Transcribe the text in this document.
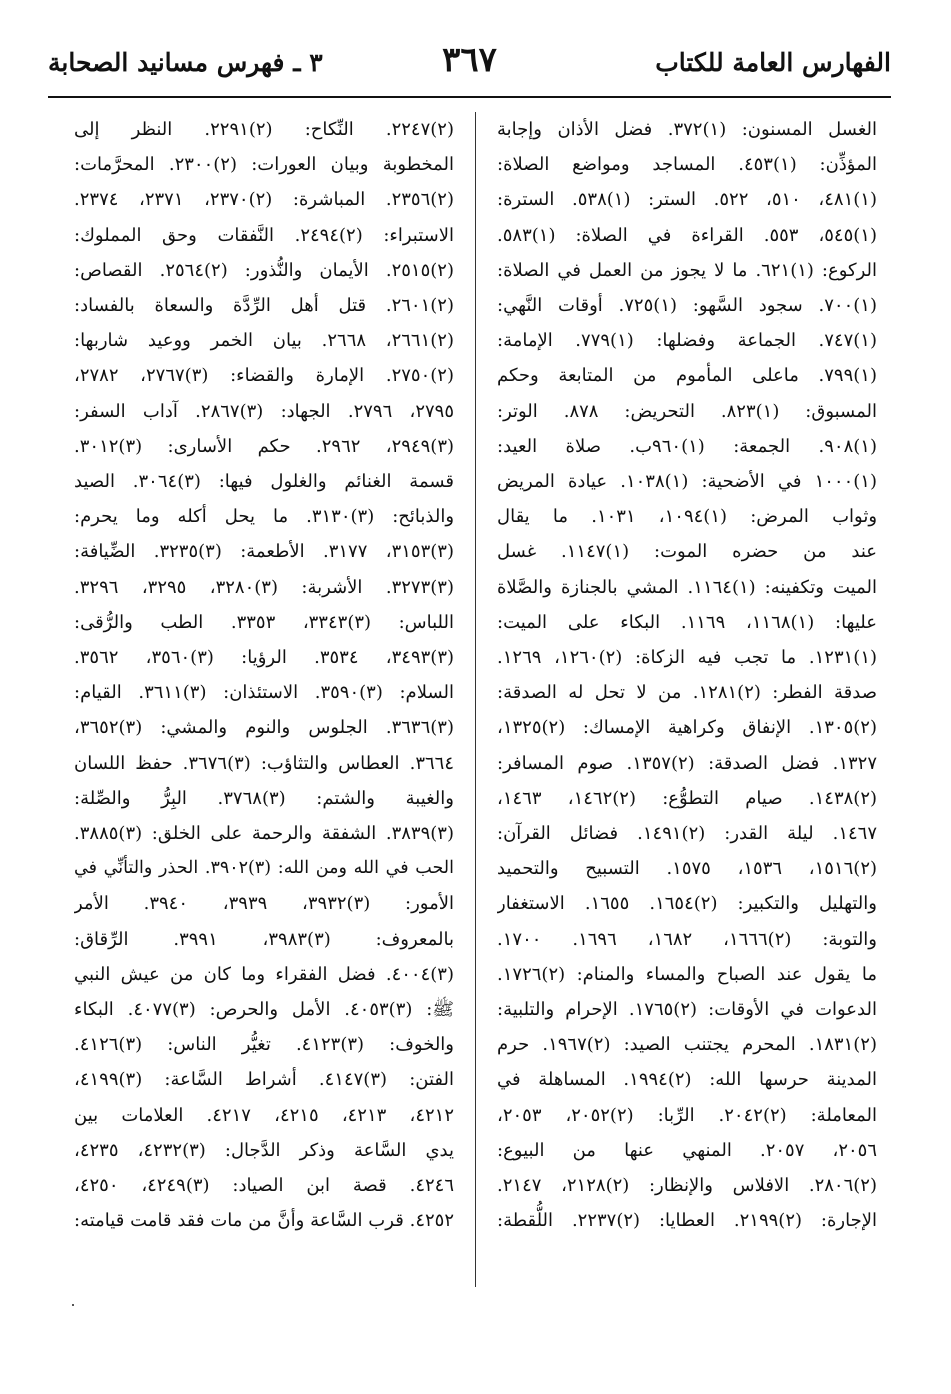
الفهارس العامة للكتاب
٣٦٧
٣ ـ فهرس مسانيد الصحابة
الغسل المسنون: (١)٣٧٢. فضل الأذان وإجابة
المؤذِّن: (١)٤٥٣. المساجد ومواضع الصلاة:
(١)٤٨١، ٥١٠، ٥٢٢. الستر: (١)٥٣٨. السترة:
(١)٥٤٥، ٥٥٣. القراءة في الصلاة: (١)٥٨٣.
الركوع: (١)٦٢١. ما لا يجوز من العمل في الصلاة:
(١)٧٠٠. سجود السَّهو: (١)٧٢٥. أوقات النَّهي:
(١)٧٤٧. الجماعة وفضلها: (١)٧٧٩. الإمامة:
(١)٧٩٩. ماعلى المأموم من المتابعة وحكم
المسبوق: (١)٨٢٣. التحريض: ٨٧٨. الوتر:
(١)٩٠٨. الجمعة: (١)٩٦٠ب. صلاة العيد:
(١)١٠٠٠ في الأضحية: (١)١٠٣٨. عيادة المريض
وثواب المرض: (١)١٠٩٤، ١٠٣١. ما يقال
عند من حضره الموت: (١)١١٤٧. غسل
الميت وتكفينه: (١)١١٦٤. المشي بالجنازة والصَّلاة
عليها: (١)١١٦٨، ١١٦٩. البكاء على الميت:
(١)١٢٣١. ما تجب فيه الزكاة: (٢)١٢٦٠، ١٢٦٩.
صدقة الفطر: (٢)١٢٨١. من لا تحل له الصدقة:
(٢)١٣٠٥. الإنفاق وكراهية الإمساك: (٢)١٣٢٥،
١٣٢٧. فضل الصدقة: (٢)١٣٥٧. صوم المسافر:
(٢)١٤٣٨. صيام التطوُّع: (٢)١٤٦٢، ١٤٦٣،
١٤٦٧. ليلة القدر: (٢)١٤٩١. فضائل القرآن:
(٢)١٥١٦، ١٥٣٦، ١٥٧٥. التسبيح والتحميد
والتهليل والتكبير: (٢)١٦٥٤. ١٦٥٥. الاستغفار
والتوبة: (٢)١٦٦٦، ١٦٨٢، ١٦٩٦. ١٧٠٠.
ما يقول عند الصباح والمساء والمنام: (٢)١٧٢٦.
الدعوات في الأوقات: (٢)١٧٦٥. الإحرام والتلبية:
(٢)١٨٣١. المحرم يجتنب الصيد: (٢)١٩٦٧. حرم
المدينة حرسها الله: (٢)١٩٩٤. المساهلة في
المعاملة: (٢)٢٠٤٢. الرِّبا: (٢)٢٠٥٢، ٢٠٥٣،
٢٠٥٦، ٢٠٥٧. المنهي عنها من البيوع:
(٢)٢٨٠٦. الافلاس والإنظار: (٢)٢١٢٨، ٢١٤٧.
الإجارة: (٢)٢١٩٩. العطايا: (٢)٢٢٣٧. اللُّقطة:
(٢)٢٢٤٧. النِّكاح: (٢)٢٢٩١. النظر إلى
المخطوبة وبيان العورات: (٢)٢٣٠٠. المحرَّمات:
(٢)٢٣٥٦. المباشرة: (٢)٢٣٧٠، ٢٣٧١، ٢٣٧٤.
الاستبراء: (٢)٢٤٩٤. النَّفقات وحق المملوك:
(٢)٢٥١٥. الأيمان والنُّذور: (٢)٢٥٦٤. القصاص:
(٢)٢٦٠١. قتل أهل الرِّدَّة والسعاة بالفساد:
(٢)٢٦٦١، ٢٦٦٨. بيان الخمر ووعيد شاربها:
(٢)٢٧٥٠. الإمارة والقضاء: (٣)٢٧٦٧، ٢٧٨٢،
٢٧٩٥، ٢٧٩٦. الجهاد: (٣)٢٨٦٧. آداب السفر:
(٣)٢٩٤٩، ٢٩٦٢. حكم الأسارى: (٣)٣٠١٢.
قسمة الغنائم والغلول فيها: (٣)٣٠٦٤. الصيد
والذبائح: (٣)٣١٣٠. ما يحل أكله وما يحرم:
(٣)٣١٥٣، ٣١٧٧. الأطعمة: (٣)٣٢٣٥. الضِّيافة:
(٣)٣٢٧٣. الأشربة: (٣)٣٢٨٠، ٣٢٩٥، ٣٢٩٦.
اللباس: (٣)٣٣٤٣، ٣٣٥٣. الطب والرُّقى:
(٣)٣٤٩٣، ٣٥٣٤. الرؤيا: (٣)٣٥٦٠، ٣٥٦٢.
السلام: (٣)٣٥٩٠. الاستئذان: (٣)٣٦١١. القيام:
(٣)٣٦٣٦. الجلوس والنوم والمشي: (٣)٣٦٥٢،
٣٦٦٤. العطاس والتثاؤب: (٣)٣٦٧٦. حفظ اللسان
والغيبة والشتم: (٣)٣٧٦٨. البِرُّ والصِّلة:
(٣)٣٨٣٩. الشفقة والرحمة على الخلق: (٣)٣٨٨٥.
الحب في الله ومن الله: (٣)٣٩٠٢. الحذر والتأنِّي في
الأمور: (٣)٣٩٣٢، ٣٩٣٩، ٣٩٤٠. الأمر
بالمعروف: (٣)٣٩٨٣، ٣٩٩١. الرِّقاق:
(٣)٤٠٠٤. فضل الفقراء وما كان من عيش النبي
ﷺ: (٣)٤٠٥٣. الأمل والحرص: (٣)٤٠٧٧. البكاء
والخوف: (٣)٤١٢٣. تغيُّر الناس: (٣)٤١٢٦.
الفتن: (٣)٤١٤٧. أشراط السَّاعة: (٣)٤١٩٩،
٤٢١٢، ٤٢١٣، ٤٢١٥، ٤٢١٧. العلامات بين
يدي السَّاعة وذكر الدَّجال: (٣)٤٢٣٢، ٤٢٣٥،
٤٢٤٦. قصة ابن الصياد: (٣)٤٢٤٩، ٤٢٥٠،
٤٢٥٢. قرب السَّاعة وأنَّ من مات فقد قامت قيامته:
